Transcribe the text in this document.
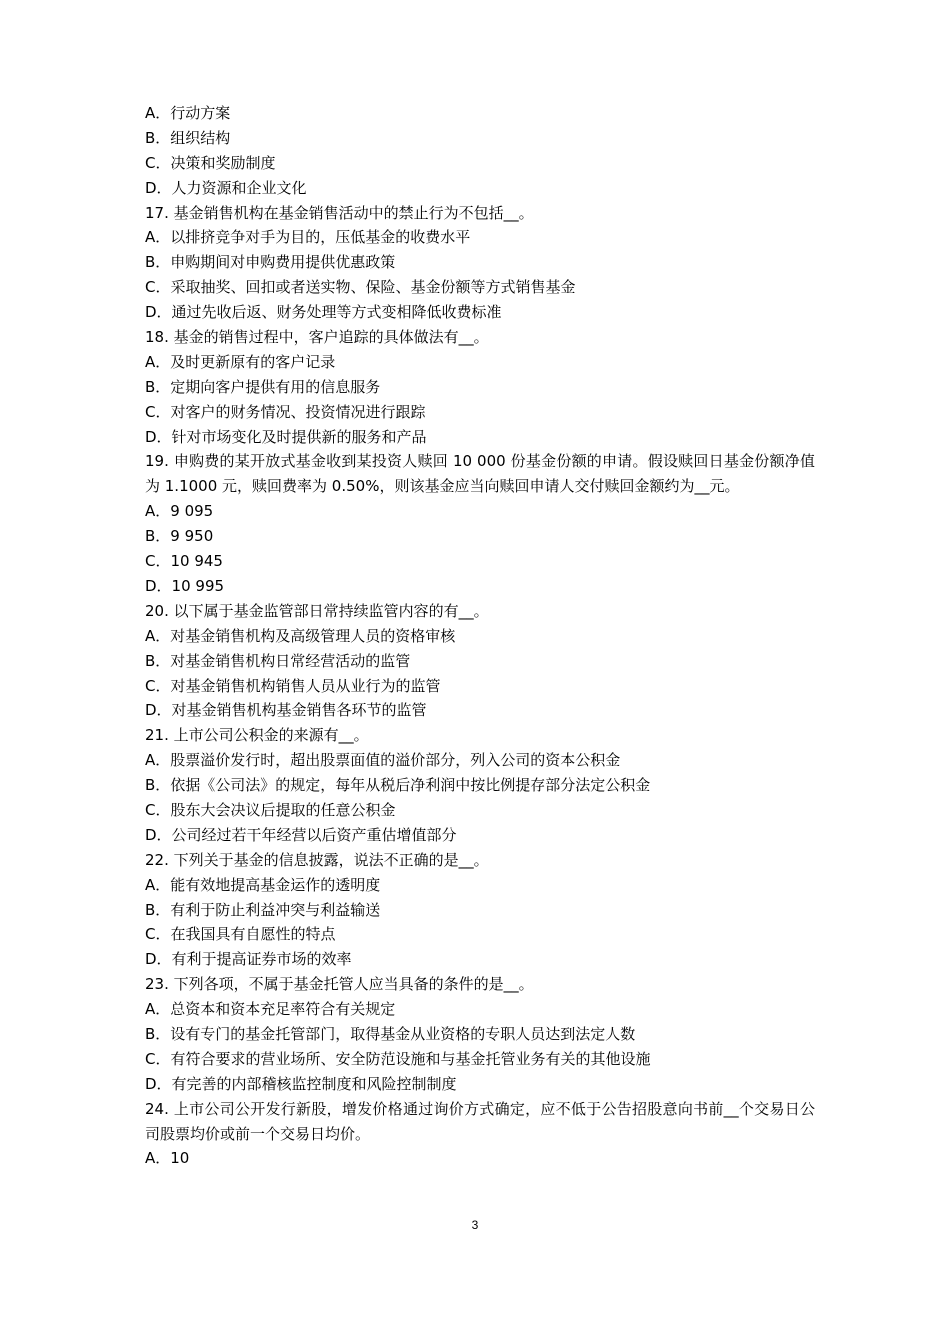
A．行动方案
B．组织结构
C．决策和奖励制度
D．人力资源和企业文化
17. 基金销售机构在基金销售活动中的禁止行为不包括__。
A．以排挤竞争对手为目的，压低基金的收费水平
B．申购期间对申购费用提供优惠政策
C．采取抽奖、回扣或者送实物、保险、基金份额等方式销售基金
D．通过先收后返、财务处理等方式变相降低收费标准
18. 基金的销售过程中，客户追踪的具体做法有__。
A．及时更新原有的客户记录
B．定期向客户提供有用的信息服务
C．对客户的财务情况、投资情况进行跟踪
D．针对市场变化及时提供新的服务和产品
19. 申购费的某开放式基金收到某投资人赎回 10 000 份基金份额的申请。假设赎回日基金份额净值为 1.1000 元，赎回费率为 0.50%，则该基金应当向赎回申请人交付赎回金额约为__元。
A．9 095
B．9 950
C．10 945
D．10 995
20. 以下属于基金监管部日常持续监管内容的有__。
A．对基金销售机构及高级管理人员的资格审核
B．对基金销售机构日常经营活动的监管
C．对基金销售机构销售人员从业行为的监管
D．对基金销售机构基金销售各环节的监管
21. 上市公司公积金的来源有__。
A．股票溢价发行时，超出股票面值的溢价部分，列入公司的资本公积金
B．依据《公司法》的规定，每年从税后净利润中按比例提存部分法定公积金
C．股东大会决议后提取的任意公积金
D．公司经过若干年经营以后资产重估增值部分
22. 下列关于基金的信息披露，说法不正确的是__。
A．能有效地提高基金运作的透明度
B．有利于防止利益冲突与利益输送
C．在我国具有自愿性的特点
D．有利于提高证券市场的效率
23. 下列各项，不属于基金托管人应当具备的条件的是__。
A．总资本和资本充足率符合有关规定
B．设有专门的基金托管部门，取得基金从业资格的专职人员达到法定人数
C．有符合要求的营业场所、安全防范设施和与基金托管业务有关的其他设施
D．有完善的内部稽核监控制度和风险控制制度
24. 上市公司公开发行新股，增发价格通过询价方式确定，应不低于公告招股意向书前__个交易日公司股票均价或前一个交易日均价。
A．10
3
